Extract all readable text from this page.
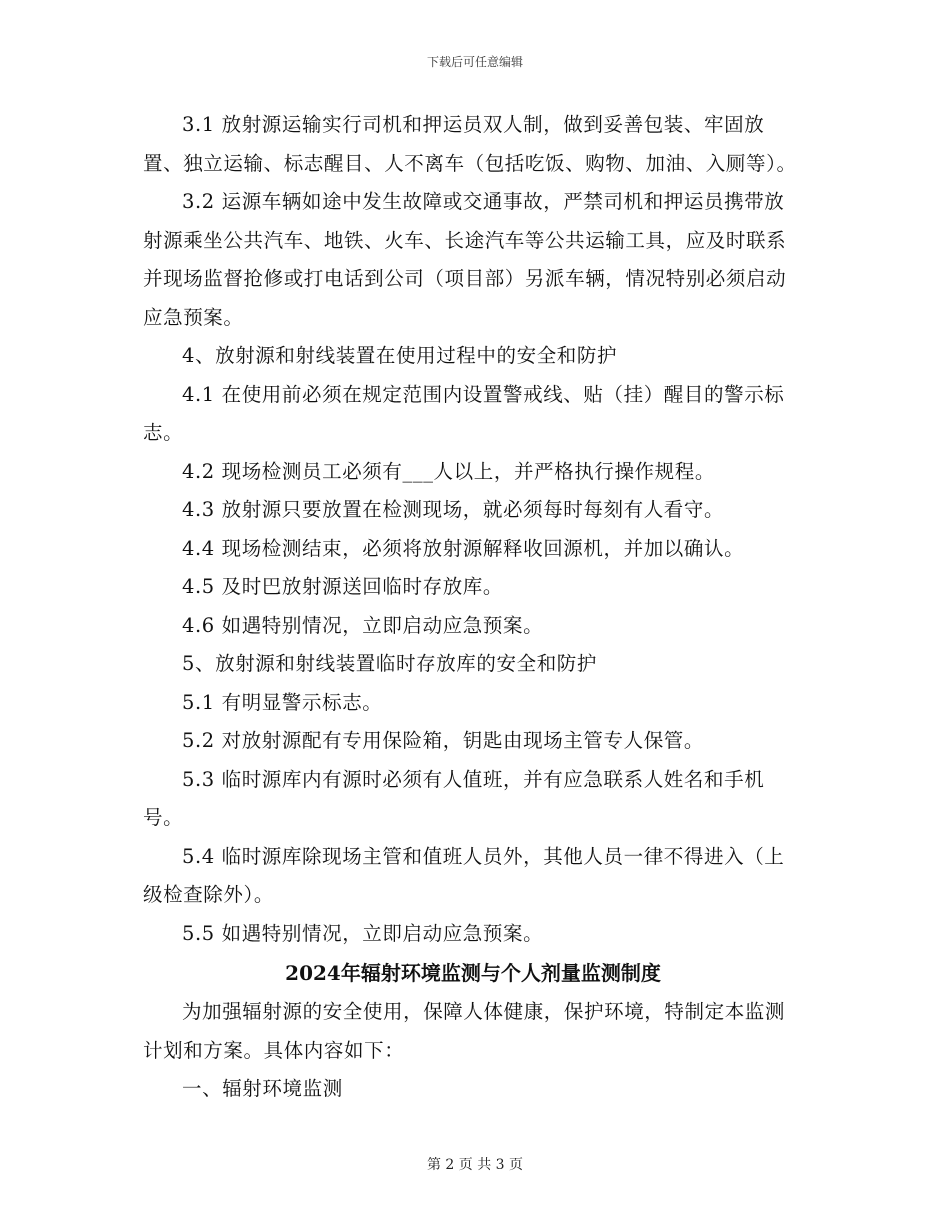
下载后可任意编辑

3.1 放射源运输实行司机和押运员双人制，做到妥善包装、牢固放置、独立运输、标志醒目、人不离车（包括吃饭、购物、加油、入厕等）。

3.2 运源车辆如途中发生故障或交通事故，严禁司机和押运员携带放射源乘坐公共汽车、地铁、火车、长途汽车等公共运输工具，应及时联系并现场监督抢修或打电话到公司（项目部）另派车辆，情况特别必须启动应急预案。

4、放射源和射线装置在使用过程中的安全和防护

4.1 在使用前必须在规定范围内设置警戒线、贴（挂）醒目的警示标志。

4.2 现场检测员工必须有___人以上，并严格执行操作规程。

4.3 放射源只要放置在检测现场，就必须每时每刻有人看守。

4.4 现场检测结束，必须将放射源解释收回源机，并加以确认。

4.5 及时巴放射源送回临时存放库。

4.6 如遇特别情况，立即启动应急预案。

5、放射源和射线装置临时存放库的安全和防护

5.1 有明显警示标志。

5.2 对放射源配有专用保险箱，钥匙由现场主管专人保管。

5.3 临时源库内有源时必须有人值班，并有应急联系人姓名和手机号。

5.4 临时源库除现场主管和值班人员外，其他人员一律不得进入（上级检查除外）。

5.5 如遇特别情况，立即启动应急预案。

2024年辐射环境监测与个人剂量监测制度

为加强辐射源的安全使用，保障人体健康，保护环境，特制定本监测计划和方案。具体内容如下：

一、辐射环境监测

第 2 页 共 3 页
